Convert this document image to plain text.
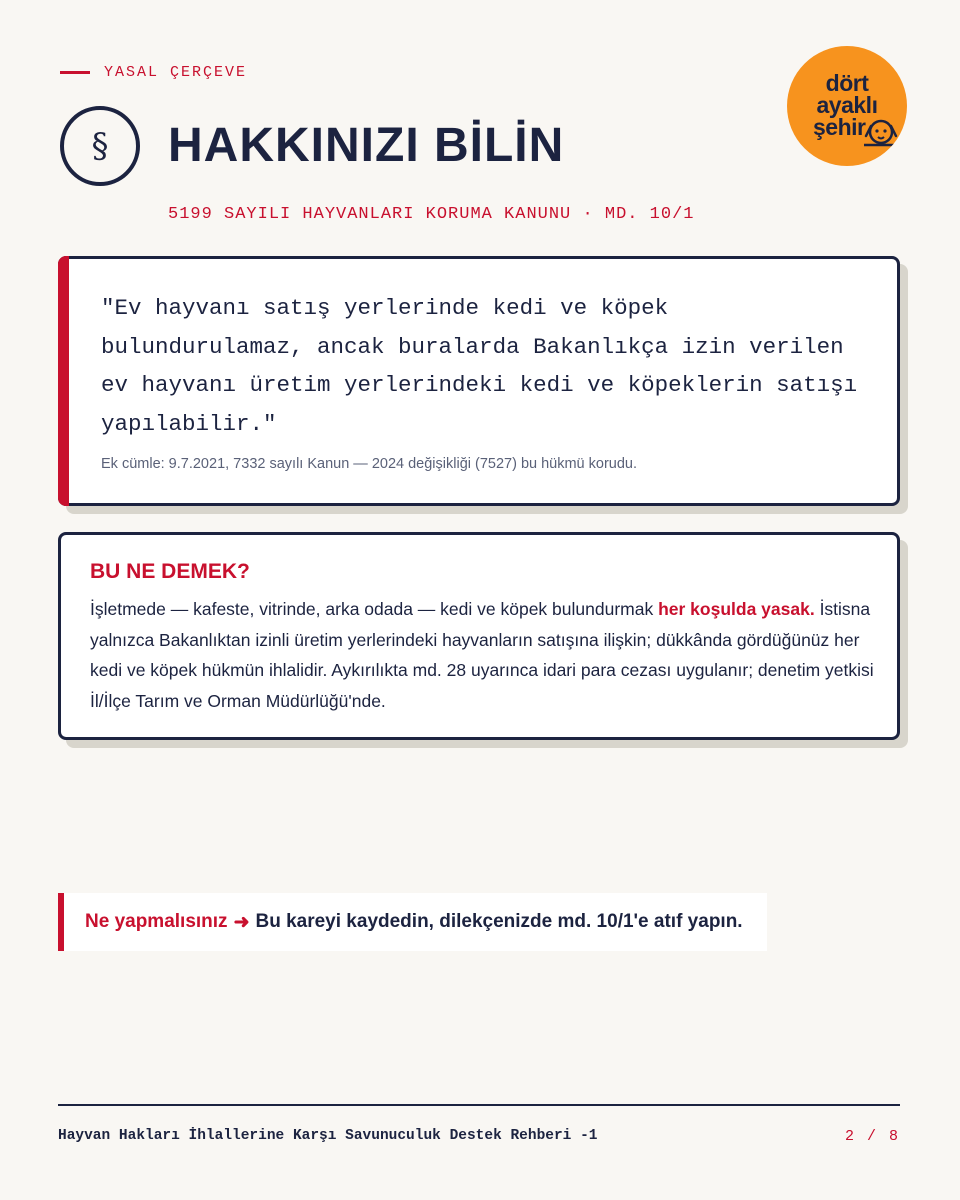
YASAL ÇERÇEVE
§	HAKKINIZI BİLİN
5199 SAYILI HAYVANLARI KORUMA KANUNU · MD. 10/1
dört
ayaklı
şehir

"Ev hayvanı satış yerlerinde kedi ve köpek bulundurulamaz, ancak buralarda Bakanlıkça izin verilen ev hayvanı üretim yerlerindeki kedi ve köpeklerin satışı yapılabilir."

Ek cümle: 9.7.2021, 7332 sayılı Kanun — 2024 değişikliği (7527) bu hükmü korudu.

BU NE DEMEK?

İşletmede — kafeste, vitrinde, arka odada — kedi ve köpek bulundurmak her koşulda yasak. İstisna yalnızca Bakanlıktan izinli üretim yerlerindeki hayvanların satışına ilişkin; dükkânda gördüğünüz her kedi ve köpek hükmün ihlalidir. Aykırılıkta md. 28 uyarınca idari para cezası uygulanır; denetim yetkisi İl/İlçe Tarım ve Orman Müdürlüğü'nde.

Ne yapmalısınız ➜ Bu kareyi kaydedin, dilekçenizde md. 10/1'e atıf yapın.
Hayvan Hakları İhlallerine Karşı Savunuculuk Destek Rehberi -1	2 / 8
